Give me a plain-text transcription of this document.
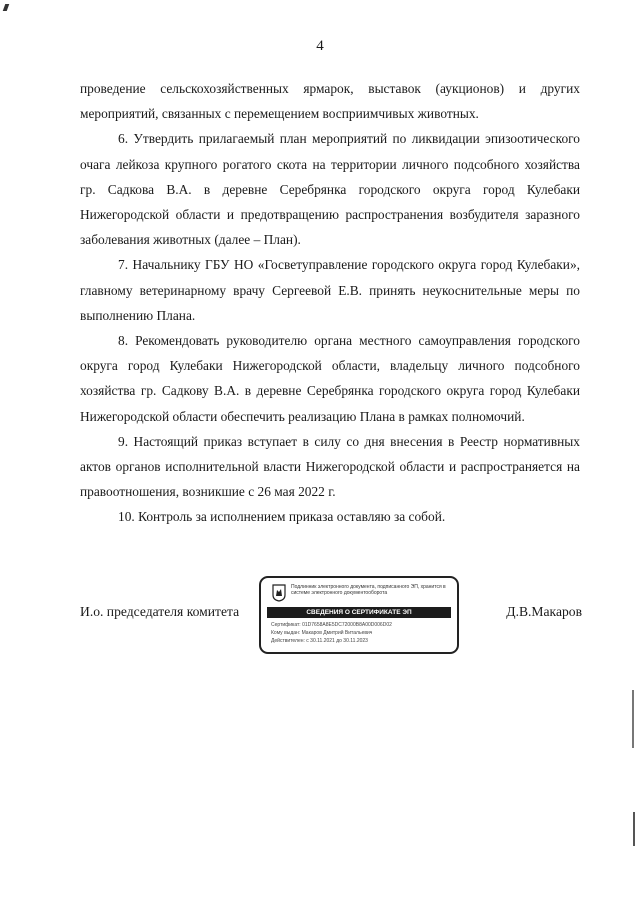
4

проведение сельскохозяйственных ярмарок, выставок (аукционов) и других мероприятий, связанных с перемещением восприимчивых животных.

6. Утвердить прилагаемый план мероприятий по ликвидации эпизоотического очага лейкоза крупного рогатого скота на территории личного подсобного хозяйства гр. Садкова В.А. в деревне Серебрянка городского округа город Кулебаки Нижегородской области и предотвращению распространения возбудителя заразного заболевания животных (далее – План).

7. Начальнику ГБУ НО «Госветуправление городского округа город Кулебаки», главному ветеринарному врачу Сергеевой Е.В. принять неукоснительные меры по выполнению Плана.

8. Рекомендовать руководителю органа местного самоуправления городского округа город Кулебаки Нижегородской области, владельцу личного подсобного хозяйства гр. Садкову В.А. в деревне Серебрянка городского округа город Кулебаки Нижегородской области обеспечить реализацию Плана в рамках полномочий.

9. Настоящий приказ вступает в силу со дня внесения в Реестр нормативных актов органов исполнительной власти Нижегородской области и распространяется на правоотношения, возникшие с 26 мая 2022 г.

10. Контроль за исполнением приказа оставляю за собой.

И.о. председателя комитета	Д.В.Макаров
Подлинник электронного документа, подписанного ЭП, хранится в системе электронного документооборота
СВЕДЕНИЯ О СЕРТИФИКАТЕ ЭП
Сертификат: 01D7658A8E5DC72000B8A00D006D02
Кому выдан: Макаров Дмитрий Витальевич
Действителен: с 30.11.2021 до 30.11.2023
